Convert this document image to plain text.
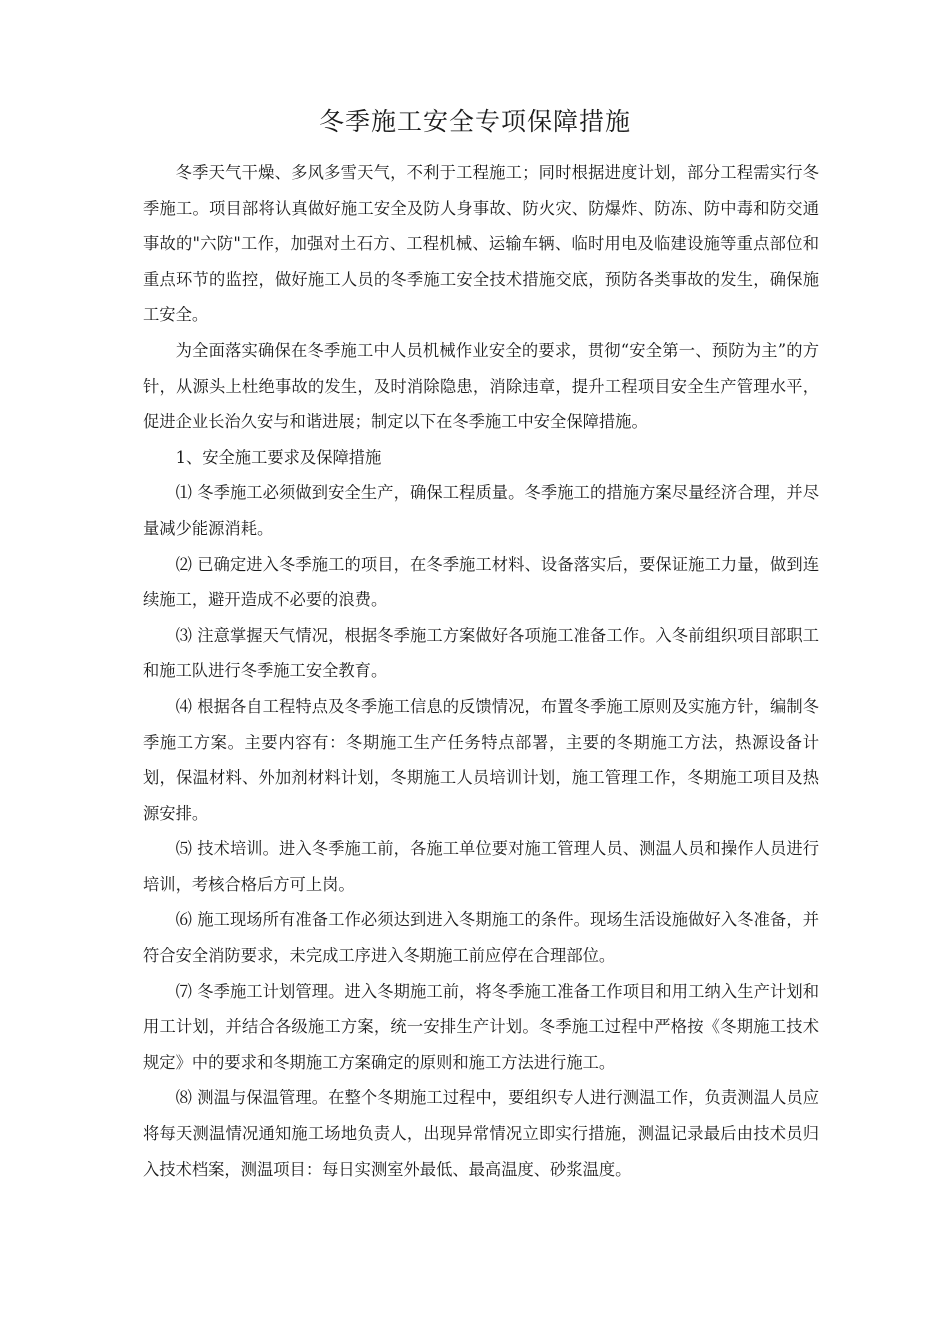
冬季施工安全专项保障措施

冬季天气干燥、多风多雪天气，不利于工程施工；同时根据进度计划，部分工程需实行冬季施工。项目部将认真做好施工安全及防人身事故、防火灾、防爆炸、防冻、防中毒和防交通事故的"六防"工作，加强对土石方、工程机械、运输车辆、临时用电及临建设施等重点部位和重点环节的监控，做好施工人员的冬季施工安全技术措施交底，预防各类事故的发生，确保施工安全。

为全面落实确保在冬季施工中人员机械作业安全的要求，贯彻“安全第一、预防为主”的方针，从源头上杜绝事故的发生，及时消除隐患，消除违章，提升工程项目安全生产管理水平，促进企业长治久安与和谐进展；制定以下在冬季施工中安全保障措施。

1、安全施工要求及保障措施

⑴ 冬季施工必须做到安全生产，确保工程质量。冬季施工的措施方案尽量经济合理，并尽量减少能源消耗。

⑵ 已确定进入冬季施工的项目，在冬季施工材料、设备落实后，要保证施工力量，做到连续施工，避开造成不必要的浪费。

⑶ 注意掌握天气情况，根据冬季施工方案做好各项施工准备工作。入冬前组织项目部职工和施工队进行冬季施工安全教育。

⑷ 根据各自工程特点及冬季施工信息的反馈情况，布置冬季施工原则及实施方针，编制冬季施工方案。主要内容有：冬期施工生产任务特点部署，主要的冬期施工方法，热源设备计划，保温材料、外加剂材料计划，冬期施工人员培训计划，施工管理工作，冬期施工项目及热源安排。

⑸ 技术培训。进入冬季施工前，各施工单位要对施工管理人员、测温人员和操作人员进行培训，考核合格后方可上岗。

⑹ 施工现场所有准备工作必须达到进入冬期施工的条件。现场生活设施做好入冬准备，并符合安全消防要求，未完成工序进入冬期施工前应停在合理部位。

⑺ 冬季施工计划管理。进入冬期施工前，将冬季施工准备工作项目和用工纳入生产计划和用工计划，并结合各级施工方案，统一安排生产计划。冬季施工过程中严格按《冬期施工技术规定》中的要求和冬期施工方案确定的原则和施工方法进行施工。

⑻ 测温与保温管理。在整个冬期施工过程中，要组织专人进行测温工作，负责测温人员应将每天测温情况通知施工场地负责人，出现异常情况立即实行措施，测温记录最后由技术员归入技术档案，测温项目：每日实测室外最低、最高温度、砂浆温度。
